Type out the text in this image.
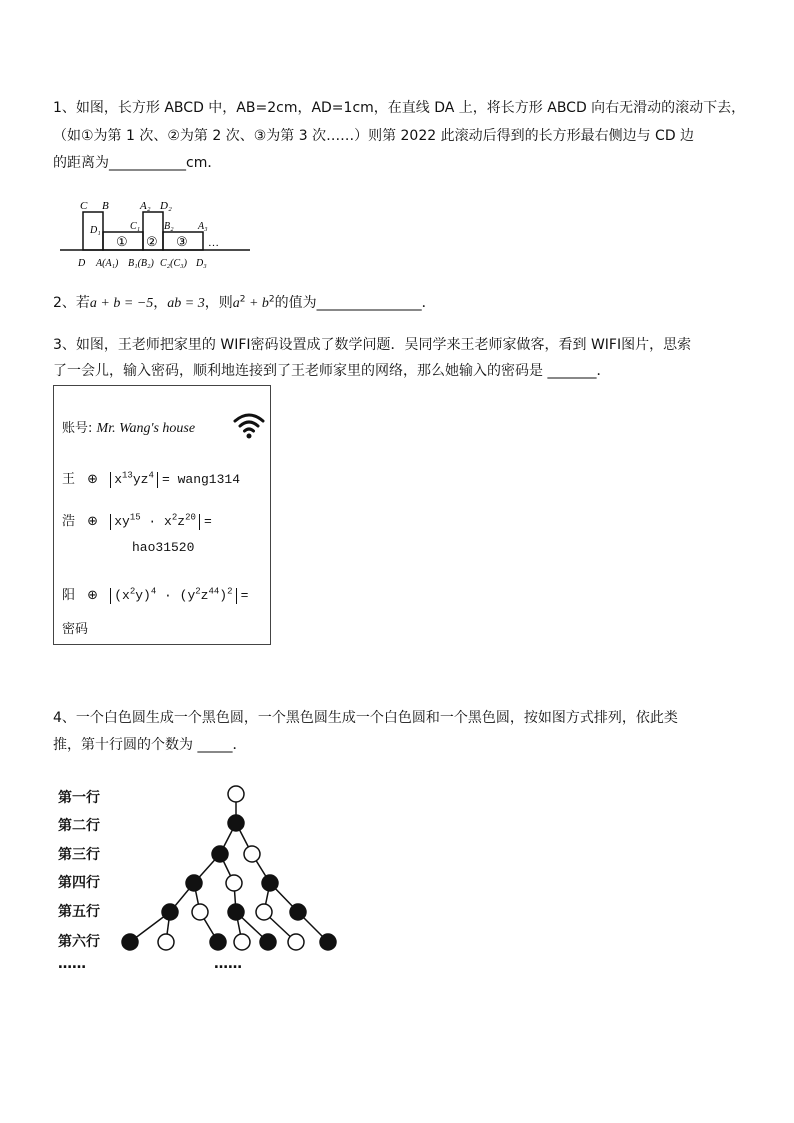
1、如图，长方形 ABCD 中，AB=2cm，AD=1cm，在直线 DA 上，将长方形 ABCD 向右无滑动的滚动下去，
（如①为第 1 次、②为第 2 次、③为第 3 次……）则第 2022 此滚动后得到的长方形最右侧边与 CD 边
的距离为___________cm．
C B	A₂ D₂
D₁	C₁ B₂ A₃
① ② ③ …
D A(A₁) B₁(B₂) C₂(C₃) D₃
2、若a + b = −5，ab = 3，则$a^2 + b^2$的值为_______________．
3、如图，王老师把家里的 WIFI密码设置成了数学问题．吴同学来王老师家做客，看到 WIFI图片，思索
了一会儿，输入密码，顺利地连接到了王老师家里的网络，那么她输入的密码是 _______．
账号: Mr. Wang's house
王 ⊕ $x^{13}yz^4$ = wang1314
浩 ⊕ $xy^{15} \cdot x^2z^{20}$ =
hao31520
阳 ⊕ $(x^2y)^4 \cdot (y^2z^{44})^2$ =
密码
4、一个白色圆生成一个黑色圆，一个黑色圆生成一个白色圆和一个黑色圆，按如图方式排列，依此类
推，第十行圆的个数为 _____．
第一行
第二行
第三行
第四行
第五行
第六行
……	……
